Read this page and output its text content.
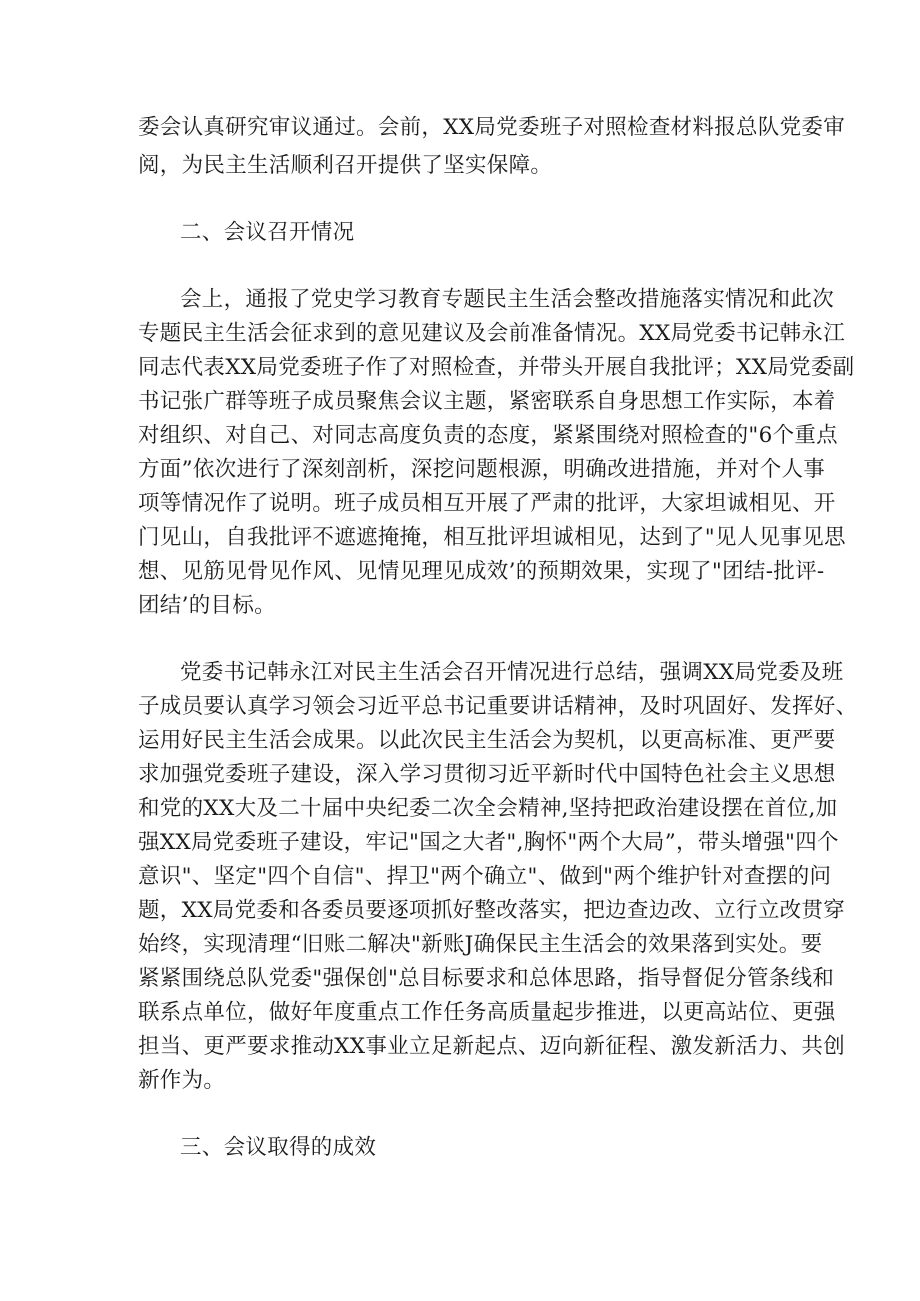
委会认真研究审议通过。会前，XX局党委班子对照检查材料报总队党委审
阅，为民主生活顺利召开提供了坚实保障。
二、会议召开情况
会上，通报了党史学习教育专题民主生活会整改措施落实情况和此次
专题民主生活会征求到的意见建议及会前准备情况。XX局党委书记韩永江
同志代表XX局党委班子作了对照检查，并带头开展自我批评；XX局党委副
书记张广群等班子成员聚焦会议主题，紧密联系自身思想工作实际，本着
对组织、对自己、对同志高度负责的态度，紧紧围绕对照检查的"6个重点
方面”依次进行了深刻剖析，深挖问题根源，明确改进措施，并对个人事
项等情况作了说明。班子成员相互开展了严肃的批评，大家坦诚相见、开
门见山，自我批评不遮遮掩掩，相互批评坦诚相见，达到了"见人见事见思
想、见筋见骨见作风、见情见理见成效’的预期效果，实现了"团结-批评-
团结’的目标。
党委书记韩永江对民主生活会召开情况进行总结，强调XX局党委及班
子成员要认真学习领会习近平总书记重要讲话精神，及时巩固好、发挥好、
运用好民主生活会成果。以此次民主生活会为契机，以更高标准、更严要
求加强党委班子建设，深入学习贯彻习近平新时代中国特色社会主义思想
和党的XX大及二十届中央纪委二次全会精神,坚持把政治建设摆在首位,加
强XX局党委班子建设，牢记"国之大者",胸怀"两个大局”，带头增强"四个
意识"、坚定"四个自信"、捍卫"两个确立"、做到"两个维护针对查摆的问
题，XX局党委和各委员要逐项抓好整改落实，把边查边改、立行立改贯穿
始终，实现清理“旧账二解决"新账J确保民主生活会的效果落到实处。要
紧紧围绕总队党委"强保创"总目标要求和总体思路，指导督促分管条线和
联系点单位，做好年度重点工作任务高质量起步推进，以更高站位、更强
担当、更严要求推动XX事业立足新起点、迈向新征程、激发新活力、共创
新作为。
三、会议取得的成效
